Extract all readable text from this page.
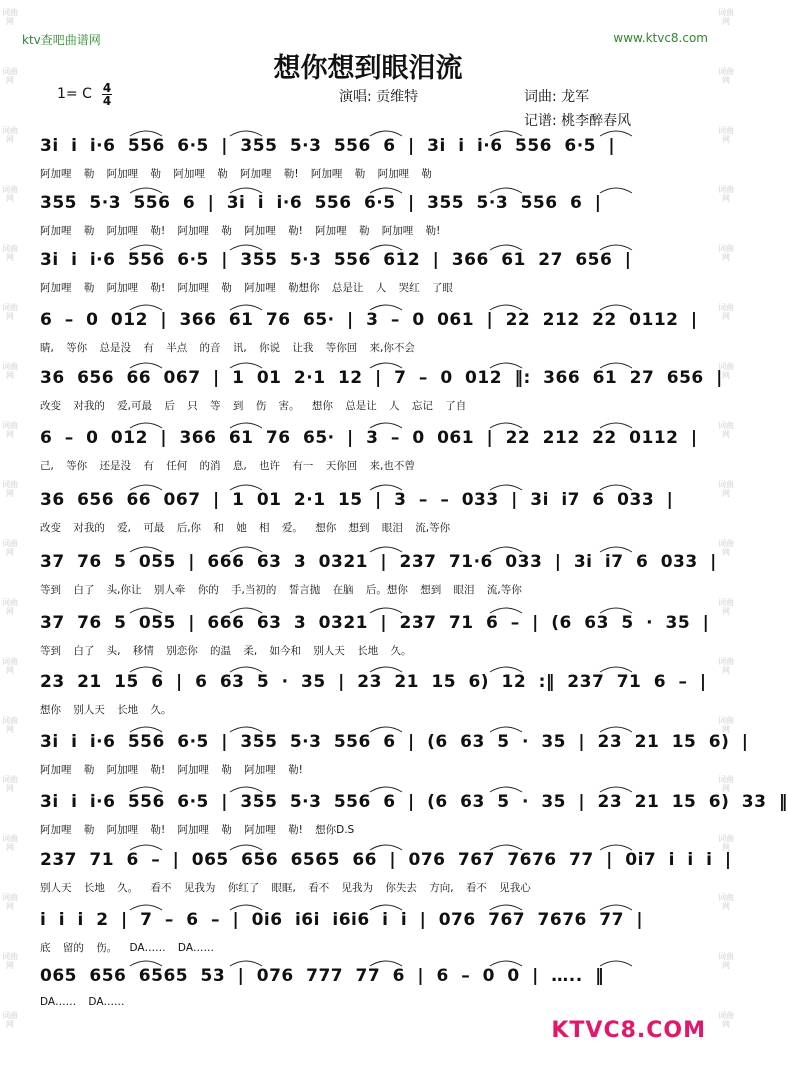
词曲网
词曲网
词曲网
词曲网
词曲网
词曲网
词曲网
词曲网
词曲网
词曲网
词曲网
词曲网
词曲网
词曲网
词曲网
词曲网
词曲网
词曲网
词曲网
词曲网
词曲网
词曲网
词曲网
词曲网
词曲网
词曲网
词曲网
词曲网
词曲网
词曲网
词曲网
词曲网
词曲网
词曲网
词曲网
词曲网
ktv查吧曲谱网	www.ktvc8.com
想你想到眼泪流
1= C 4
4	演唱: 贡维特	词曲: 龙军
记谱: 桃李醉春风
3i i i·6 556 6·5 | 355 5·3 556 6 | 3i i i·6 556 6·5 |
阿加哩 勒 阿加哩 勒 阿加哩 勒 阿加哩 勒! 阿加哩 勒 阿加哩 勒
355 5·3 556 6 | 3i i i·6 556 6·5 | 355 5·3 556 6 |
阿加哩 勒 阿加哩 勒! 阿加哩 勒 阿加哩 勒! 阿加哩 勒 阿加哩 勒!
3i i i·6 556 6·5 | 355 5·3 556 612 | 366 61 27 656 |
阿加哩 勒 阿加哩 勒! 阿加哩 勒 阿加哩 勒想你 总是让 人 哭红 了眼
6 – 0 012 | 366 61 76 65· | 3 – 0 061 | 22 212 22 0112 |
睛, 等你 总是没 有 半点 的音 讯, 你说 让我 等你回 来,你不会
36 656 66 067 | 1 01 2·1 12 | 7 – 0 012 ‖: 366 61 27 656 |
改变 对我的 爱,可最 后 只 等 到 伤 害。 想你 总是让 人 忘记 了自
6 – 0 012 | 366 61 76 65· | 3 – 0 061 | 22 212 22 0112 |
己, 等你 还是没 有 任何 的消 息, 也许 有一 天你回 来,也不曾
36 656 66 067 | 1 01 2·1 15 | 3 – – 033 | 3i i7 6 033 |
改变 对我的 爱, 可最 后,你 和 她 相 爱。 想你 想到 眼泪 流,等你
37 76 5 055 | 666 63 3 0321 | 237 71·6 033 | 3i i7 6 033 |
等到 白了 头,你让 别人牵 你的 手,当初的 誓言抛 在脑 后。想你 想到 眼泪 流,等你
37 76 5 055 | 666 63 3 0321 | 237 71 6 – | (6 63 5 · 35 |
等到 白了 头, 移情 别恋你 的温 柔, 如今和 别人天 长地 久。
23 21 15 6 | 6 63 5 · 35 | 23 21 15 6) 12 :‖ 237 71 6 – |
想你 别人天 长地 久。
3i i i·6 556 6·5 | 355 5·3 556 6 | (6 63 5 · 35 | 23 21 15 6) |
阿加哩 勒 阿加哩 勒! 阿加哩 勒 阿加哩 勒!
3i i i·6 556 6·5 | 355 5·3 556 6 | (6 63 5 · 35 | 23 21 15 6) 33 ‖
阿加哩 勒 阿加哩 勒! 阿加哩 勒 阿加哩 勒! 想你D.S
237 71 6 – | 065 656 6565 66 | 076 767 7676 77 | 0i7 i i i |
别人天 长地 久。 看不 见我为 你红了 眼眶, 看不 见我为 你失去 方向, 看不 见我心
i i i 2 | 7 – 6 – | 0i6 i6i i6i6 i i | 076 767 7676 77 |
底 留的 伤。 DA…… DA……
065 656 6565 53 | 076 777 77 6 | 6 – 0 0 | ….. ‖
DA…… DA……
KTVC8.COM
